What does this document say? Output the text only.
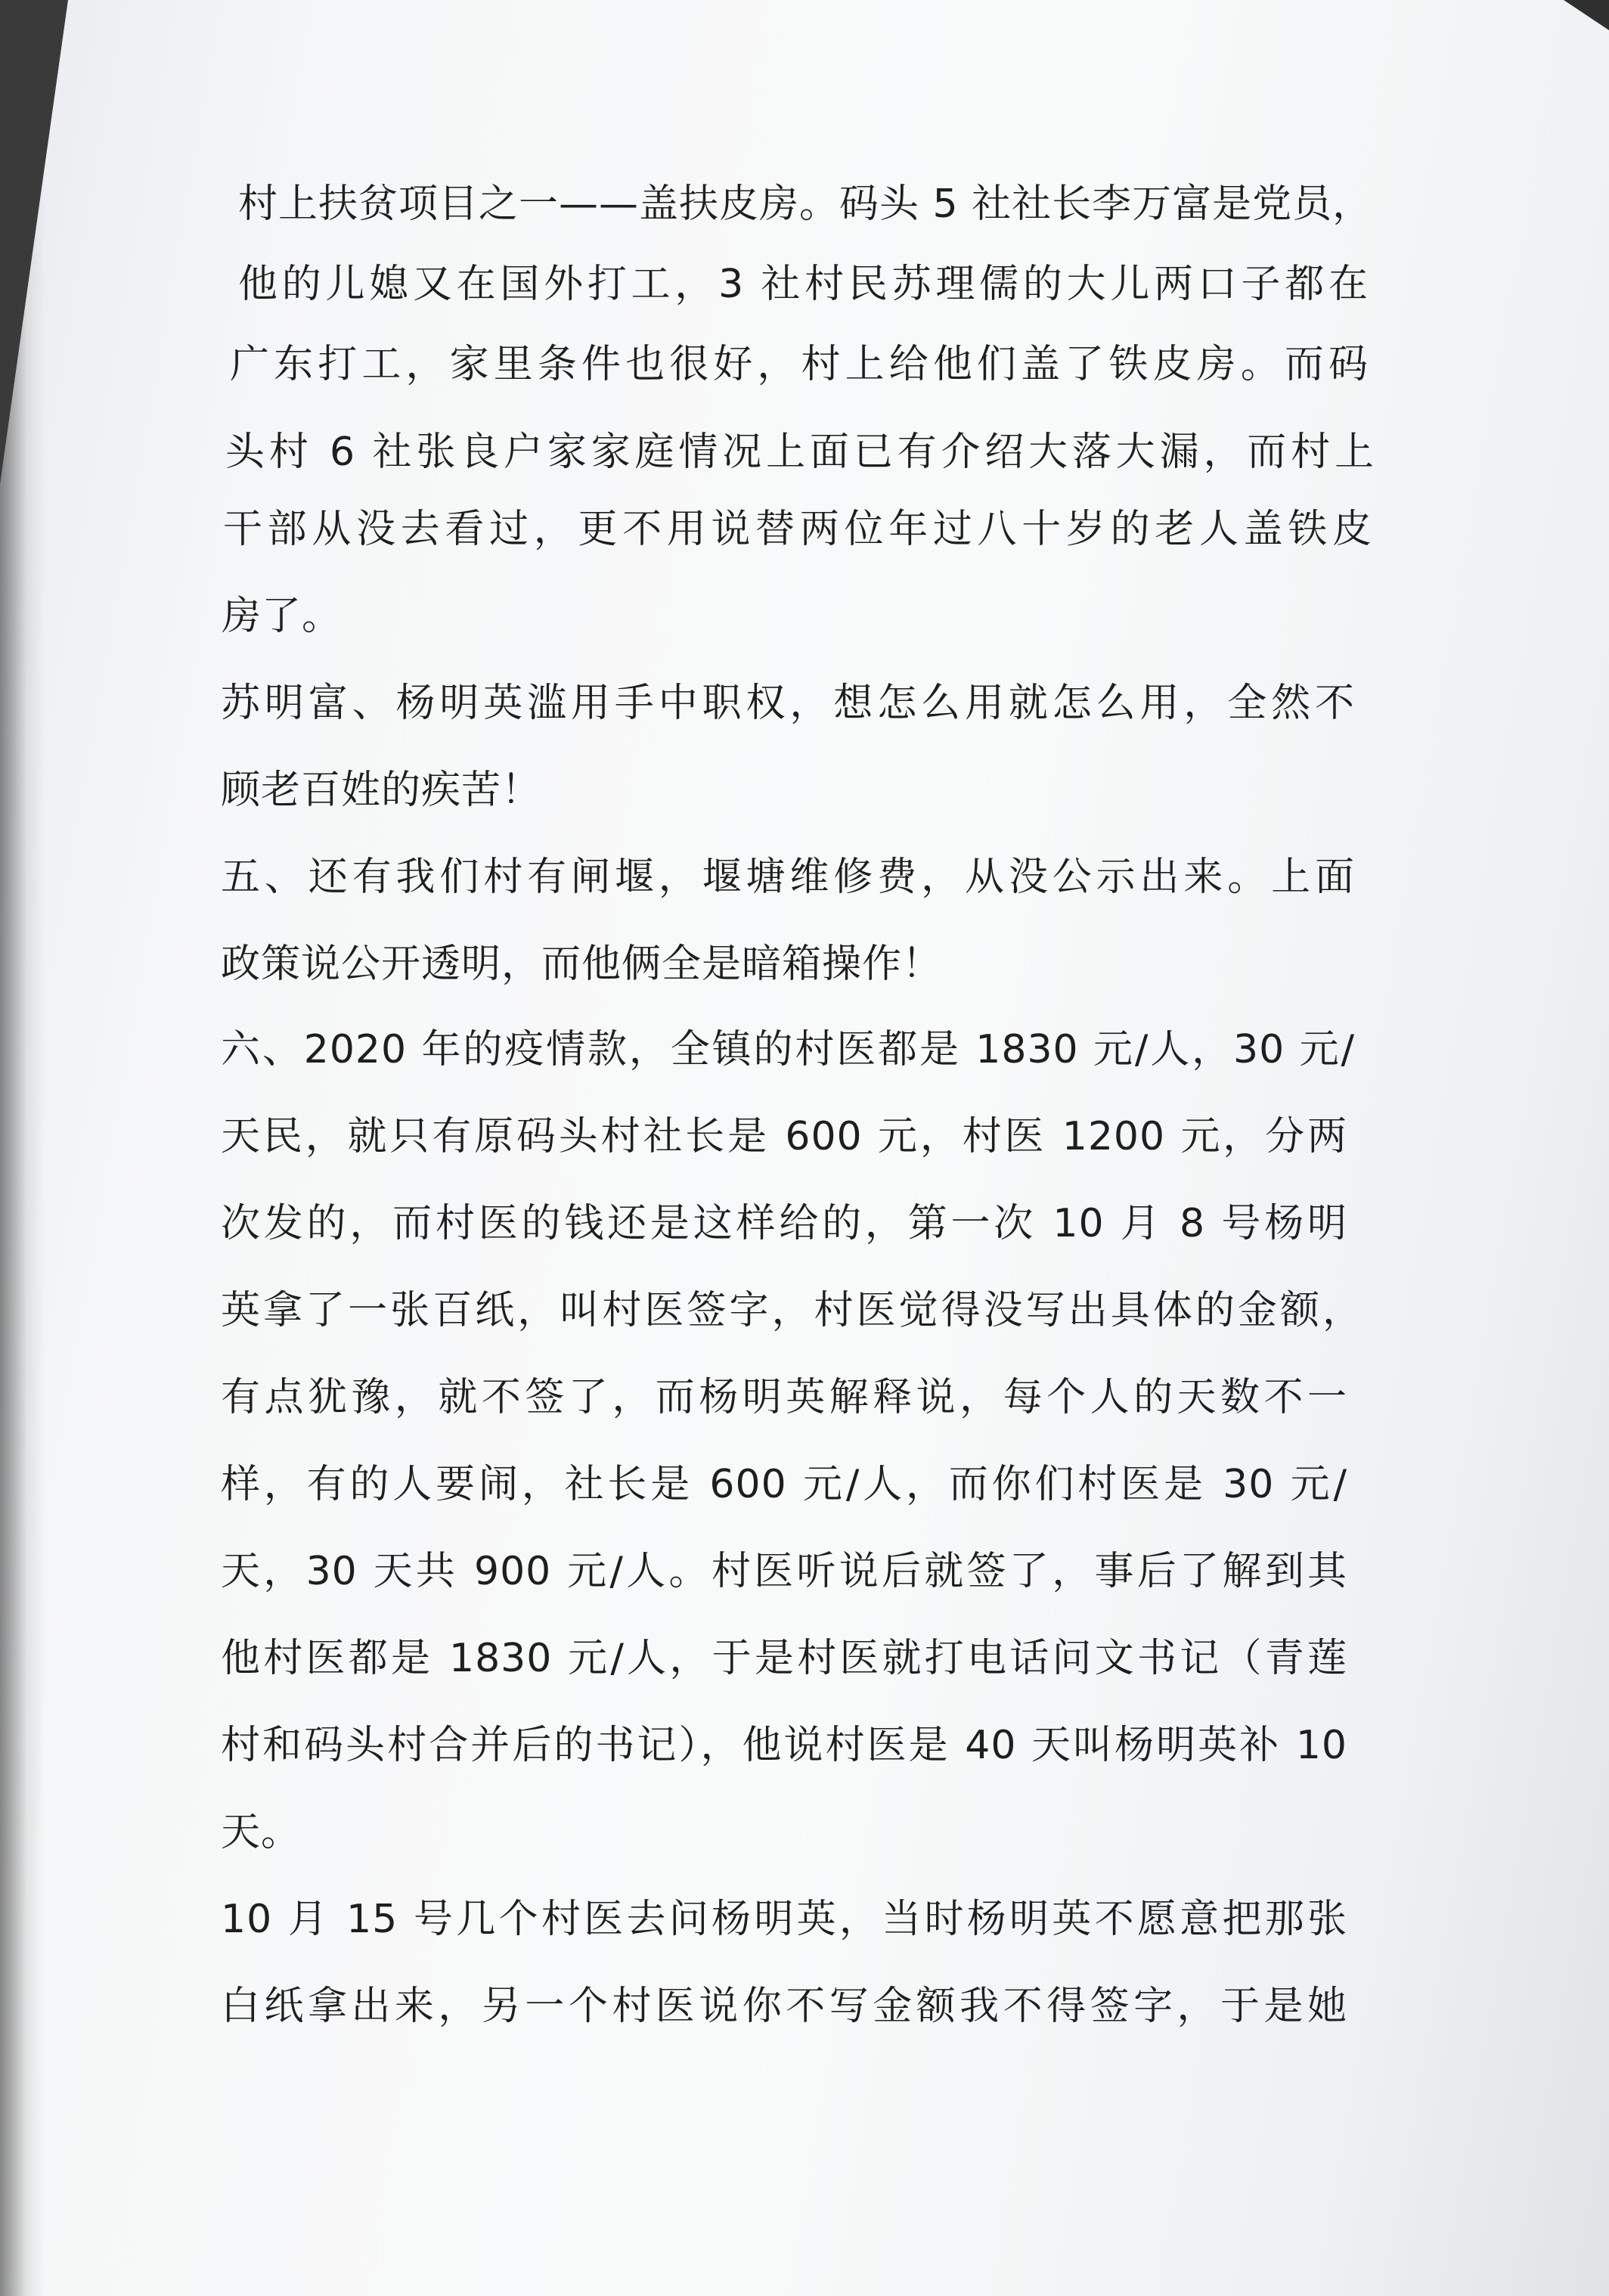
村上扶贫项目之一——盖扶皮房。码头 5 社社长李万富是党员，
他的儿媳又在国外打工，3 社村民苏理儒的大儿两口子都在
广东打工，家里条件也很好，村上给他们盖了铁皮房。而码
头村 6 社张良户家家庭情况上面已有介绍大落大漏，而村上
干部从没去看过，更不用说替两位年过八十岁的老人盖铁皮
房了。
苏明富、杨明英滥用手中职权，想怎么用就怎么用，全然不
顾老百姓的疾苦！
五、还有我们村有闸堰，堰塘维修费，从没公示出来。上面
政策说公开透明，而他俩全是暗箱操作！
六、2020 年的疫情款，全镇的村医都是 1830 元/人，30 元/
天民，就只有原码头村社长是 600 元，村医 1200 元，分两
次发的，而村医的钱还是这样给的，第一次 10 月 8 号杨明
英拿了一张百纸，叫村医签字，村医觉得没写出具体的金额，
有点犹豫，就不签了，而杨明英解释说，每个人的天数不一
样，有的人要闹，社长是 600 元/人，而你们村医是 30 元/
天，30 天共 900 元/人。村医听说后就签了，事后了解到其
他村医都是 1830 元/人，于是村医就打电话问文书记（青莲
村和码头村合并后的书记），他说村医是 40 天叫杨明英补 10
天。
10 月 15 号几个村医去问杨明英，当时杨明英不愿意把那张
白纸拿出来，另一个村医说你不写金额我不得签字，于是她
